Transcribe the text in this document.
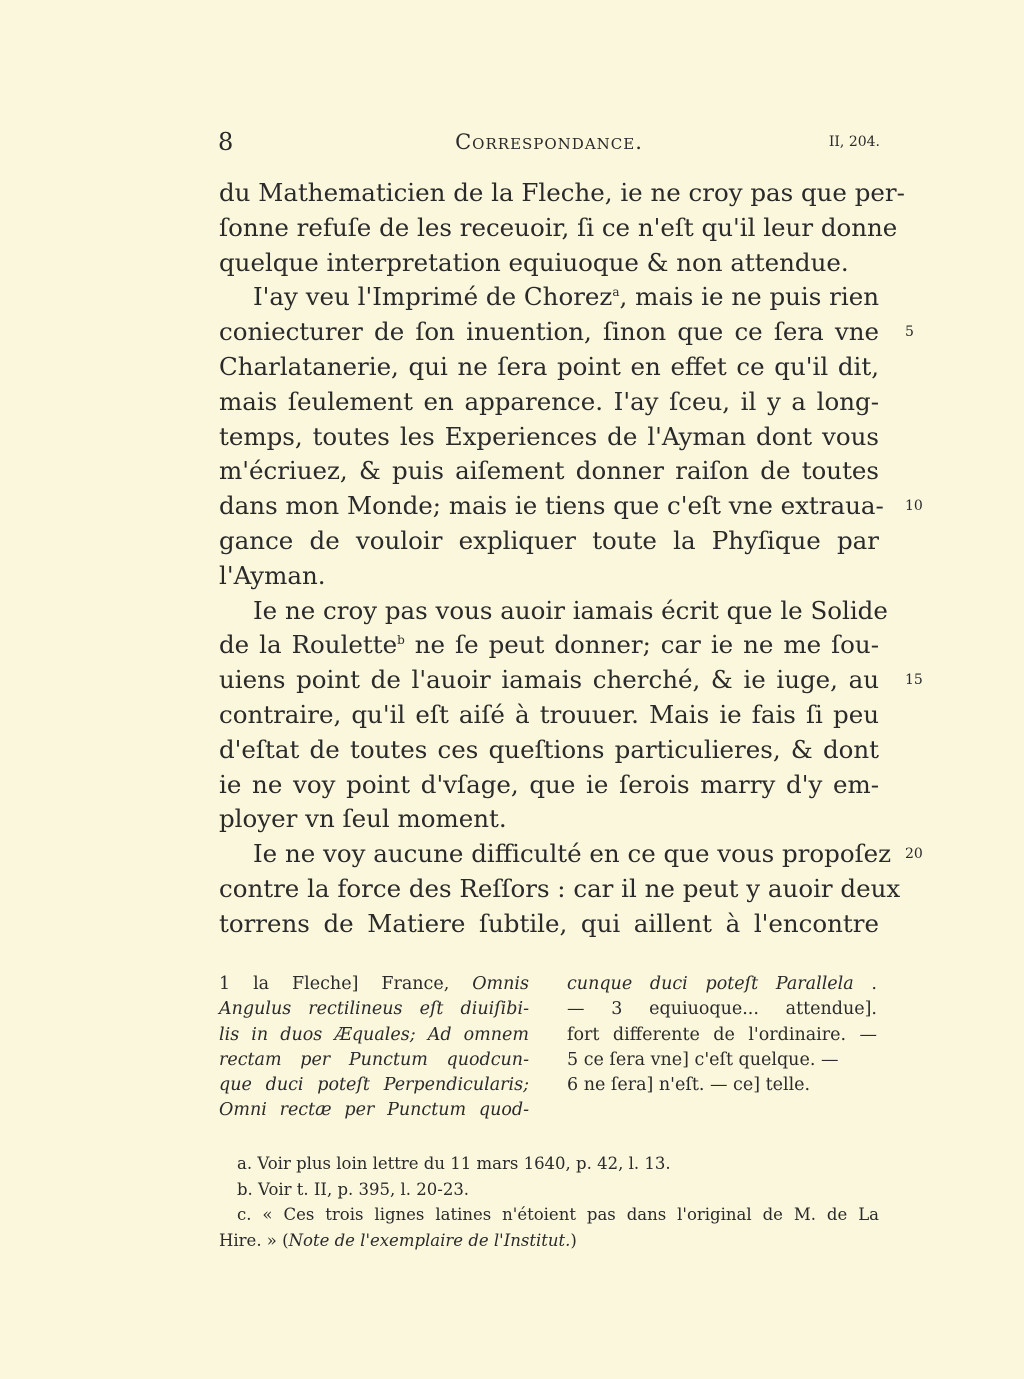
8	Correspondance.	II, 204.
du Mathematicien de la Fleche, ie ne croy pas que per-
ſonne refuſe de les receuoir, ſi ce n'eſt qu'il leur donne
quelque interpretation equiuoque & non attendue.
I'ay veu l'Imprimé de Chorez$^a$, mais ie ne puis rien
coniecturer de ſon inuention, ſinon que ce ſera vne 5
Charlatanerie, qui ne ſera point en effet ce qu'il dit,
mais ſeulement en apparence. I'ay ſceu, il y a long-
temps, toutes les Experiences de l'Ayman dont vous
m'écriuez, & puis aiſement donner raiſon de toutes
dans mon Monde; mais ie tiens que c'eſt vne extraua- 10
gance de vouloir expliquer toute la Phyſique par
l'Ayman.
Ie ne croy pas vous auoir iamais écrit que le Solide
de la Roulette$^b$ ne ſe peut donner; car ie ne me ſou-
uiens point de l'auoir iamais cherché, & ie iuge, au 15
contraire, qu'il eſt aiſé à trouuer. Mais ie fais ſi peu
d'eſtat de toutes ces queſtions particulieres, & dont
ie ne voy point d'vſage, que ie ſerois marry d'y em-
ployer vn ſeul moment.
Ie ne voy aucune difficulté en ce que vous propoſez 20
contre la force des Reſſors : car il ne peut y auoir deux
torrens de Matiere ſubtile, qui aillent à l'encontre
1 la Fleche] France, Omnis
Angulus rectilineus eſt diuiſibi-
lis in duos Æquales; Ad omnem
rectam per Punctum quodcun-
que duci poteſt Perpendicularis;
Omni rectæ per Punctum quod-
cunque duci poteſt Parallela .
— 3 equiuoque... attendue].
fort differente de l'ordinaire. —
5 ce ſera vne] c'eſt quelque. —
6 ne ſera] n'eſt. — ce] telle.
a. Voir plus loin lettre du 11 mars 1640, p. 42, l. 13.
b. Voir t. II, p. 395, l. 20-23.
c. « Ces trois lignes latines n'étoient pas dans l'original de M. de La
Hire. » (Note de l'exemplaire de l'Institut.)
